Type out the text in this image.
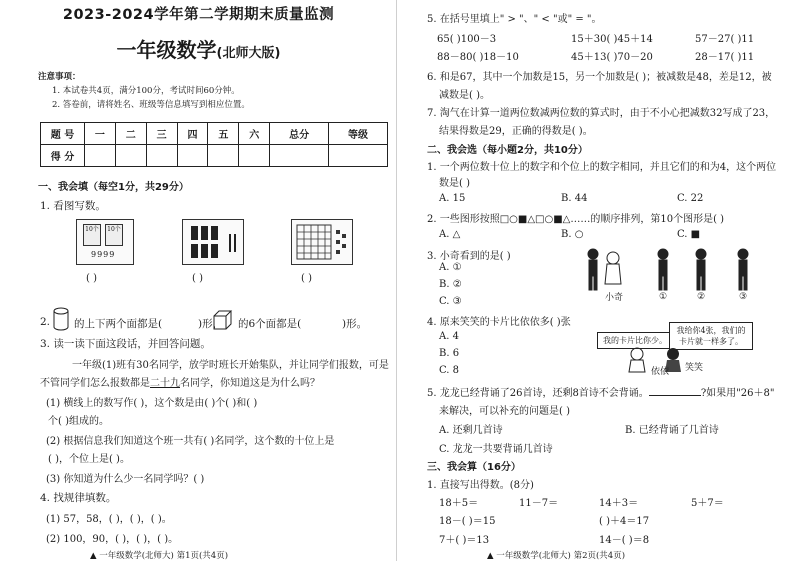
2023-2024学年第二学期期末质量监测
一年级数学(北师大版)
注意事项：
1. 本试卷共4页，满分100分，考试时间60分钟。
2. 答卷前，请将姓名、班级等信息填写到相应位置。
题 号	一	二	三	四	五	六	总分	等级
得 分								
一、我会填（每空1分，共29分）
1. 看图写数。
10个	10个
9999
( )	( )	( )
2. 的上下两个面都是(	)形， 的6个面都是(	)形。
3. 读一读下面这段话，并回答问题。
一年级(1)班有30名同学，放学时班长开始集队，并让同学们报数，可是
不管同学们怎么报数都是二十九名同学，你知道这是为什么吗？
(1) 横线上的数写作( )，这个数是由( )个( )和( )
个( )组成的。
(2) 根据信息我们知道这个班一共有( )名同学，这个数的十位上是
( )，个位上是( )。
(3) 你知道为什么少一名同学吗？( )
4. 找规律填数。
(1) 57，58，( )，( )，( )。
(2) 100，90，( )，( )，( )。
▲ 一年级数学(北师大) 第1页(共4页)
5. 在括号里填上" > "、" < "或" = "。
65( )100－3	15＋30( )45＋14	57－27( )11
88－80( )18－10	45＋13( )70－20	28－17( )11
6. 和是67，其中一个加数是15，另一个加数是( )；被减数是48，差是12，被
减数是( )。
7. 淘气在计算一道两位数减两位数的算式时，由于不小心把减数32写成了23，
结果得数是29，正确的得数是( )。
二、我会选（每小题2分，共10分）
1. 一个两位数十位上的数字和个位上的数字相同，并且它们的和为4，这个两位
数是( )
A. 15	B. 44	C. 22
2. 一些图形按照□○■△□○■△……的顺序排列，第10个图形是( )
A. △	B. ○	C. ■
3. 小奇看到的是( )
A. ①
B. ②
C. ③	小奇	①	②	③
4. 原来笑笑的卡片比依依多( )张
A. 4
B. 6
C. 8
我的卡片比你少。
我给你4张，我们的
卡片就一样多了。
依依 笑笑
5. 龙龙已经背诵了26首诗，还剩8首诗不会背诵。	?如果用"26＋8"
来解决，可以补充的问题是( )
A. 还剩几首诗	B. 已经背诵了几首诗
C. 龙龙一共要背诵几首诗
三、我会算（16分）
1. 直接写出得数。(8分)
18＋5＝	11－7＝	14＋3＝	5＋7＝
18－( )＝15	( )＋4＝17
7＋( )＝13	14－( )＝8
▲ 一年级数学(北师大) 第2页(共4页)
